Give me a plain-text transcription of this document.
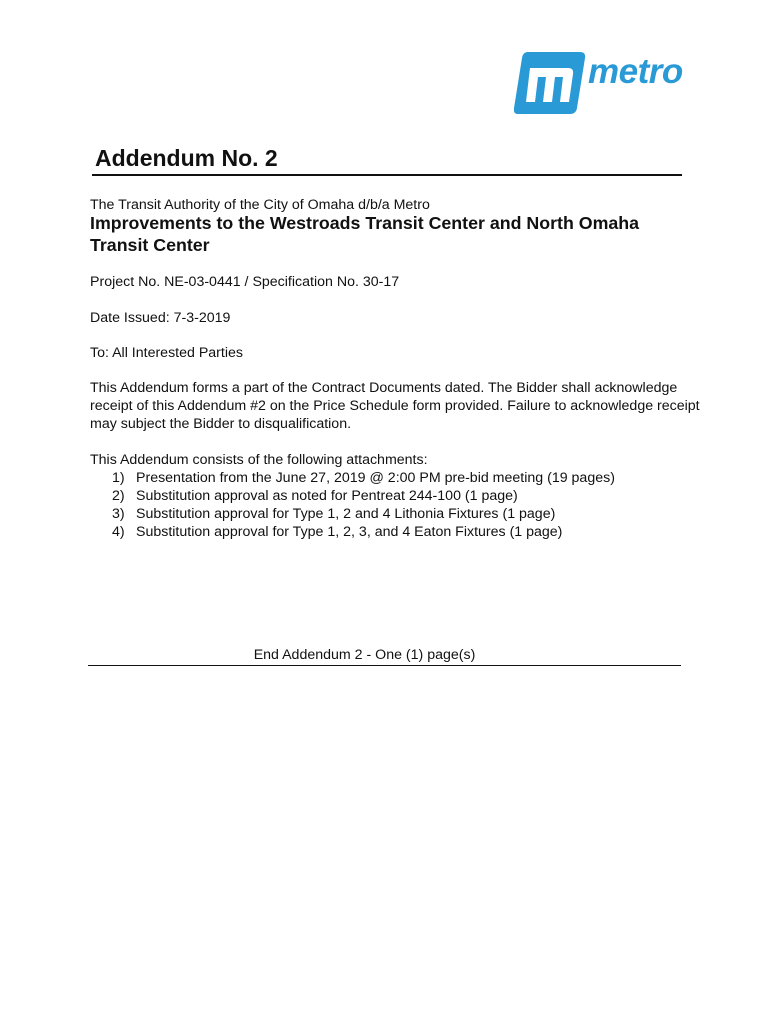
metro
Addendum No. 2

The Transit Authority of the City of Omaha d/b/a Metro

Improvements to the Westroads Transit Center and North Omaha Transit Center

Project No. NE-03-0441 / Specification No. 30-17

Date Issued: 7-3-2019

To: All Interested Parties

This Addendum forms a part of the Contract Documents dated. The Bidder shall acknowledge receipt of this Addendum #2 on the Price Schedule form provided. Failure to acknowledge receipt may subject the Bidder to disqualification.

This Addendum consists of the following attachments:

1) Presentation from the June 27, 2019 @ 2:00 PM pre-bid meeting (19 pages)
2) Substitution approval as noted for Pentreat 244-100 (1 page)
3) Substitution approval for Type 1, 2 and 4 Lithonia Fixtures (1 page)
4) Substitution approval for Type 1, 2, 3, and 4 Eaton Fixtures (1 page)
End Addendum 2 - One (1) page(s)
